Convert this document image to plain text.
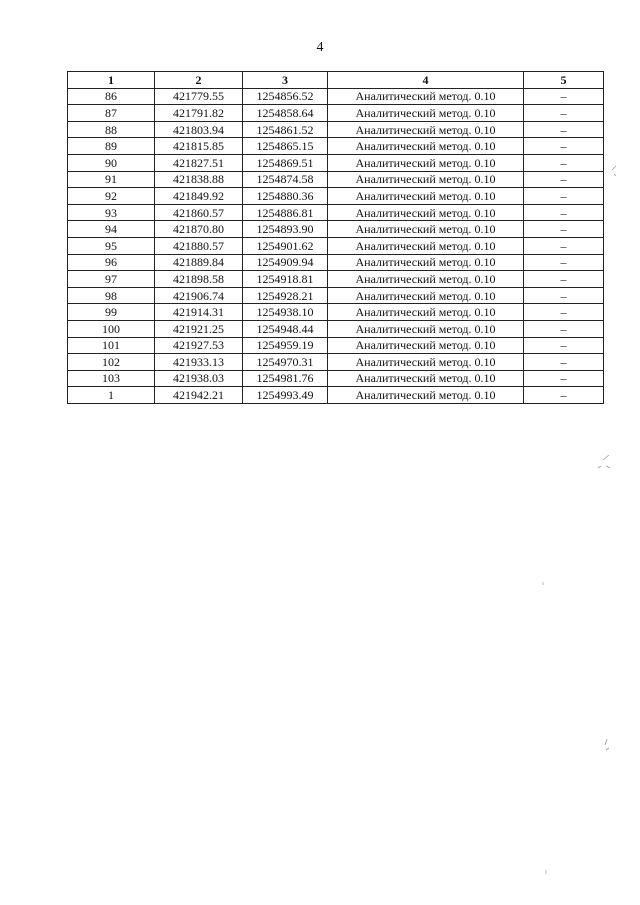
4
1	2	3	4	5
86	421779.55	1254856.52	Аналитический метод. 0.10	–
87	421791.82	1254858.64	Аналитический метод. 0.10	–
88	421803.94	1254861.52	Аналитический метод. 0.10	–
89	421815.85	1254865.15	Аналитический метод. 0.10	–
90	421827.51	1254869.51	Аналитический метод. 0.10	–
91	421838.88	1254874.58	Аналитический метод. 0.10	–
92	421849.92	1254880.36	Аналитический метод. 0.10	–
93	421860.57	1254886.81	Аналитический метод. 0.10	–
94	421870.80	1254893.90	Аналитический метод. 0.10	–
95	421880.57	1254901.62	Аналитический метод. 0.10	–
96	421889.84	1254909.94	Аналитический метод. 0.10	–
97	421898.58	1254918.81	Аналитический метод. 0.10	–
98	421906.74	1254928.21	Аналитический метод. 0.10	–
99	421914.31	1254938.10	Аналитический метод. 0.10	–
100	421921.25	1254948.44	Аналитический метод. 0.10	–
101	421927.53	1254959.19	Аналитический метод. 0.10	–
102	421933.13	1254970.31	Аналитический метод. 0.10	–
103	421938.03	1254981.76	Аналитический метод. 0.10	–
1	421942.21	1254993.49	Аналитический метод. 0.10	–
